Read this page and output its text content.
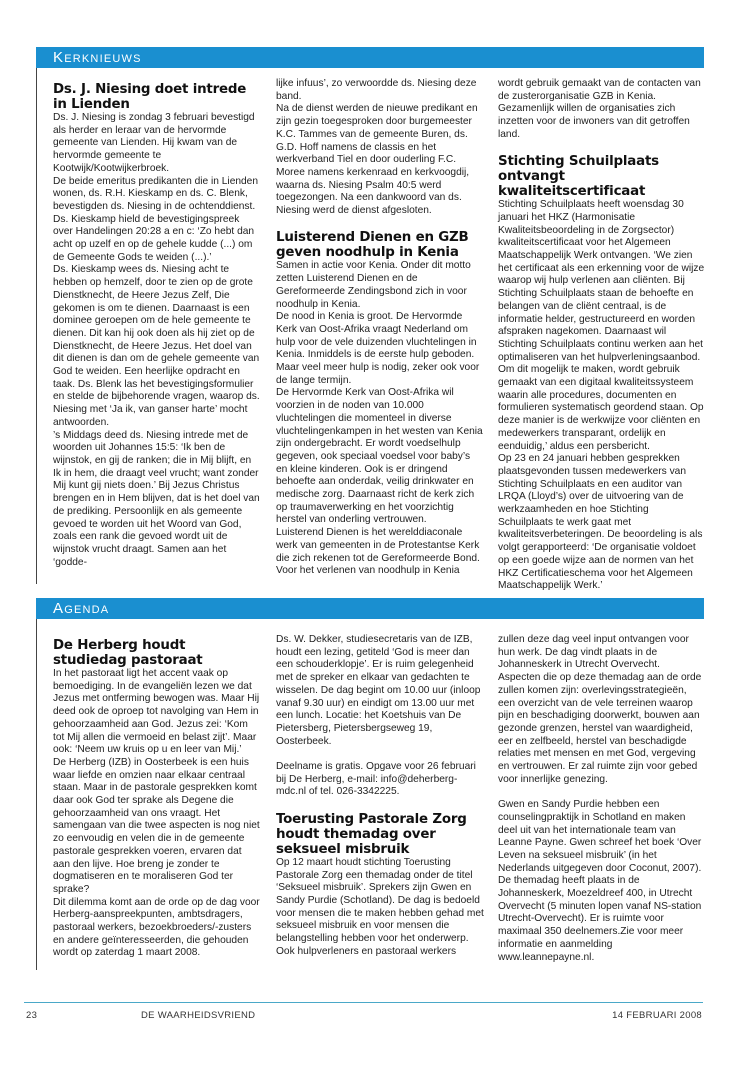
Kerknieuws
Ds. J. Niesing doet intrede in Lienden

Ds. J. Niesing is zondag 3 februari bevestigd als herder en leraar van de hervormde gemeente van Lienden. Hij kwam van de hervormde gemeente te Kootwijk/Kootwijkerbroek.

De beide emeritus predikanten die in Lienden wonen, ds. R.H. Kieskamp en ds. C. Blenk, bevestigden ds. Niesing in de ochtenddienst. Ds. Kieskamp hield de bevestigingspreek over Handelingen 20:28 a en c: ‘Zo hebt dan acht op uzelf en op de gehele kudde (...) om de Gemeente Gods te weiden (...).’

Ds. Kieskamp wees ds. Niesing acht te hebben op hemzelf, door te zien op de grote Dienstknecht, de Heere Jezus Zelf, Die gekomen is om te dienen. Daarnaast is een dominee geroepen om de hele gemeente te dienen. Dit kan hij ook doen als hij ziet op de Dienstknecht, de Heere Jezus. Het doel van dit dienen is dan om de gehele gemeente van God te weiden. Een heerlijke opdracht en taak. Ds. Blenk las het bevestigingsformulier en stelde de bijbehorende vragen, waarop ds. Niesing met ‘Ja ik, van ganser harte’ mocht antwoorden.

’s Middags deed ds. Niesing intrede met de woorden uit Johannes 15:5: ‘Ik ben de wijnstok, en gij de ranken; die in Mij blijft, en Ik in hem, die draagt veel vrucht; want zonder Mij kunt gij niets doen.’ Bij Jezus Christus brengen en in Hem blijven, dat is het doel van de prediking. Persoonlijk en als gemeente gevoed te worden uit het Woord van God, zoals een rank die gevoed wordt uit de wijnstok vrucht draagt. Samen aan het ‘godde-

lijke infuus’, zo verwoordde ds. Niesing deze band.

Na de dienst werden de nieuwe predikant en zijn gezin toegesproken door burgemeester K.C. Tammes van de gemeente Buren, ds. G.D. Hoff namens de classis en het werkverband Tiel en door ouderling F.C. Moree namens kerkenraad en kerkvoogdij, waarna ds. Niesing Psalm 40:5 werd toegezongen. Na een dankwoord van ds. Niesing werd de dienst afgesloten.

Luisterend Dienen en GZB geven noodhulp in Kenia

Samen in actie voor Kenia. Onder dit motto zetten Luisterend Dienen en de Gereformeerde Zendingsbond zich in voor noodhulp in Kenia.

De nood in Kenia is groot. De Hervormde Kerk van Oost-Afrika vraagt Nederland om hulp voor de vele duizenden vluchtelingen in Kenia. Inmiddels is de eerste hulp geboden. Maar veel meer hulp is nodig, zeker ook voor de lange termijn.

De Hervormde Kerk van Oost-Afrika wil voorzien in de noden van 10.000 vluchtelingen die momenteel in diverse vluchtelingenkampen in het westen van Kenia zijn ondergebracht. Er wordt voedselhulp gegeven, ook speciaal voedsel voor baby’s en kleine kinderen. Ook is er dringend behoefte aan onderdak, veilig drinkwater en medische zorg. Daarnaast richt de kerk zich op traumaverwerking en het voorzichtig herstel van onderling vertrouwen.

Luisterend Dienen is het werelddiaconale werk van gemeenten in de Protestantse Kerk die zich rekenen tot de Gereformeerde Bond. Voor het verlenen van noodhulp in Kenia

wordt gebruik gemaakt van de contacten van de zusterorganisatie GZB in Kenia. Gezamenlijk willen de organisaties zich inzetten voor de inwoners van dit getroffen land.

Stichting Schuilplaats ontvangt kwaliteitscertificaat

Stichting Schuilplaats heeft woensdag 30 januari het HKZ (Harmonisatie Kwaliteitsbeoordeling in de Zorgsector) kwaliteitscertificaat voor het Algemeen Maatschappelijk Werk ontvangen. ‘We zien het certificaat als een erkenning voor de wijze waarop wij hulp verlenen aan cliënten. Bij Stichting Schuilplaats staan de behoefte en belangen van de cliënt centraal, is de informatie helder, gestructureerd en worden afspraken nagekomen. Daarnaast wil Stichting Schuilplaats continu werken aan het optimaliseren van het hulpverleningsaanbod.

Om dit mogelijk te maken, wordt gebruik gemaakt van een digitaal kwaliteitssysteem waarin alle procedures, documenten en formulieren systematisch geordend staan. Op deze manier is de werkwijze voor cliënten en medewerkers transparant, ordelijk en eenduidig,’ aldus een persbericht.

Op 23 en 24 januari hebben gesprekken plaatsgevonden tussen medewerkers van Stichting Schuilplaats en een auditor van LRQA (Lloyd’s) over de uitvoering van de werkzaamheden en hoe Stichting Schuilplaats te werk gaat met kwaliteitsverbeteringen. De beoordeling is als volgt gerapporteerd: ‘De organisatie voldoet op een goede wijze aan de normen van het HKZ Certificatieschema voor het Algemeen Maatschappelijk Werk.’

Agenda
De Herberg houdt studiedag pastoraat

In het pastoraat ligt het accent vaak op bemoediging. In de evangeliën lezen we dat Jezus met ontferming bewogen was. Maar Hij deed ook de oproep tot navolging van Hem in gehoorzaamheid aan God. Jezus zei: ‘Kom tot Mij allen die vermoeid en belast zijt’. Maar ook: ‘Neem uw kruis op u en leer van Mij.’

De Herberg (IZB) in Oosterbeek is een huis waar liefde en omzien naar elkaar centraal staan. Maar in de pastorale gesprekken komt daar ook God ter sprake als Degene die gehoorzaamheid van ons vraagt. Het samengaan van die twee aspecten is nog niet zo eenvoudig en velen die in de gemeente pastorale gesprekken voeren, ervaren dat aan den lijve. Hoe breng je zonder te dogmatiseren en te moraliseren God ter sprake?

Dit dilemma komt aan de orde op de dag voor Herberg-aanspreekpunten, ambtsdragers, pastoraal werkers, bezoekbroeders/-zusters en andere geïnteresseerden, die gehouden wordt op zaterdag 1 maart 2008.

Ds. W. Dekker, studiesecretaris van de IZB, houdt een lezing, getiteld ‘God is meer dan een schouderklopje’. Er is ruim gelegenheid met de spreker en elkaar van gedachten te wisselen. De dag begint om 10.00 uur (inloop vanaf 9.30 uur) en eindigt om 13.00 uur met een lunch. Locatie: het Koetshuis van De Pietersberg, Pietersbergseweg 19, Oosterbeek.

Deelname is gratis. Opgave voor 26 februari bij De Herberg, e-mail: info@deherberg-mdc.nl of tel. 026-3342225.

Toerusting Pastorale Zorg houdt themadag over seksueel misbruik

Op 12 maart houdt stichting Toerusting Pastorale Zorg een themadag onder de titel ‘Seksueel misbruik’. Sprekers zijn Gwen en Sandy Purdie (Schotland). De dag is bedoeld voor mensen die te maken hebben gehad met seksueel misbruik en voor mensen die belangstelling hebben voor het onderwerp. Ook hulpverleners en pastoraal werkers

zullen deze dag veel input ontvangen voor hun werk. De dag vindt plaats in de Johanneskerk in Utrecht Overvecht.

Aspecten die op deze themadag aan de orde zullen komen zijn: overlevingsstrategieën, een overzicht van de vele terreinen waarop pijn en beschadiging doorwerkt, bouwen aan gezonde grenzen, herstel van waardigheid, eer en zelfbeeld, herstel van beschadigde relaties met mensen en met God, vergeving en vertrouwen. Er zal ruimte zijn voor gebed voor innerlijke genezing.

Gwen en Sandy Purdie hebben een counselingpraktijk in Schotland en maken deel uit van het internationale team van Leanne Payne. Gwen schreef het boek ‘Over Leven na seksueel misbruik’ (in het Nederlands uitgegeven door Coconut, 2007).

De themadag heeft plaats in de Johanneskerk, Moezeldreef 400, in Utrecht Overvecht (5 minuten lopen vanaf NS-station Utrecht-Overvecht). Er is ruimte voor maximaal 350 deelnemers.Zie voor meer informatie en aanmelding www.leannepayne.nl.

23	DE WAARHEIDSVRIEND	14 FEBRUARI 2008
